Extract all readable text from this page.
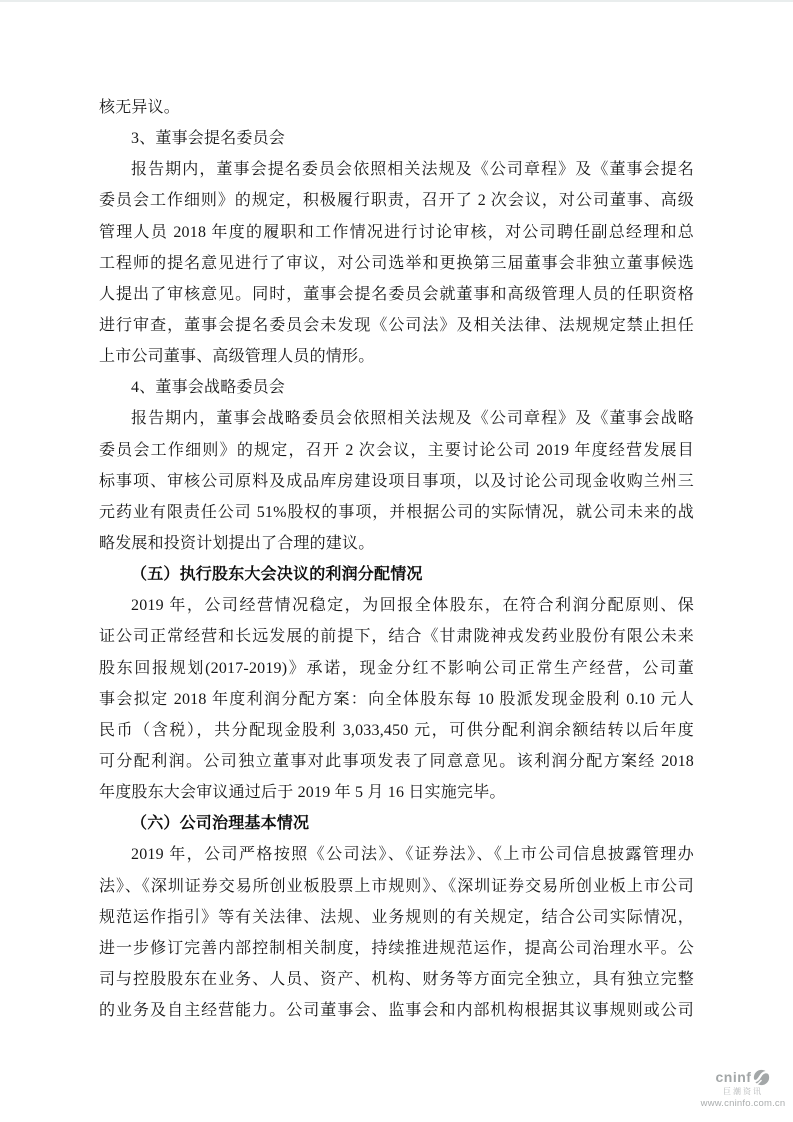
核无异议。
3、董事会提名委员会
报告期内，董事会提名委员会依照相关法规及《公司章程》及《董事会提名
委员会工作细则》的规定，积极履行职责，召开了 2 次会议，对公司董事、高级
管理人员 2018 年度的履职和工作情况进行讨论审核，对公司聘任副总经理和总
工程师的提名意见进行了审议，对公司选举和更换第三届董事会非独立董事候选
人提出了审核意见。同时，董事会提名委员会就董事和高级管理人员的任职资格
进行审查，董事会提名委员会未发现《公司法》及相关法律、法规规定禁止担任
上市公司董事、高级管理人员的情形。
4、董事会战略委员会
报告期内，董事会战略委员会依照相关法规及《公司章程》及《董事会战略
委员会工作细则》的规定，召开 2 次会议，主要讨论公司 2019 年度经营发展目
标事项、审核公司原料及成品库房建设项目事项，以及讨论公司现金收购兰州三
元药业有限责任公司 51%股权的事项，并根据公司的实际情况，就公司未来的战
略发展和投资计划提出了合理的建议。
（五）执行股东大会决议的利润分配情况
2019 年，公司经营情况稳定，为回报全体股东，在符合利润分配原则、保
证公司正常经营和长远发展的前提下，结合《甘肃陇神戎发药业股份有限公未来
股东回报规划(2017-2019)》承诺，现金分红不影响公司正常生产经营，公司董
事会拟定 2018 年度利润分配方案：向全体股东每 10 股派发现金股利 0.10 元人
民币（含税），共分配现金股利 3,033,450 元，可供分配利润余额结转以后年度
可分配利润。公司独立董事对此事项发表了同意意见。该利润分配方案经 2018
年度股东大会审议通过后于 2019 年 5 月 16 日实施完毕。
（六）公司治理基本情况
2019 年，公司严格按照《公司法》、《证券法》、《上市公司信息披露管理办
法》、《深圳证券交易所创业板股票上市规则》、《深圳证券交易所创业板上市公司
规范运作指引》等有关法律、法规、业务规则的有关规定，结合公司实际情况，
进一步修订完善内部控制相关制度，持续推进规范运作，提高公司治理水平。公
司与控股股东在业务、人员、资产、机构、财务等方面完全独立，具有独立完整
的业务及自主经营能力。公司董事会、监事会和内部机构根据其议事规则或公司
cninf
巨潮资讯
www.cninfo.com.cn
